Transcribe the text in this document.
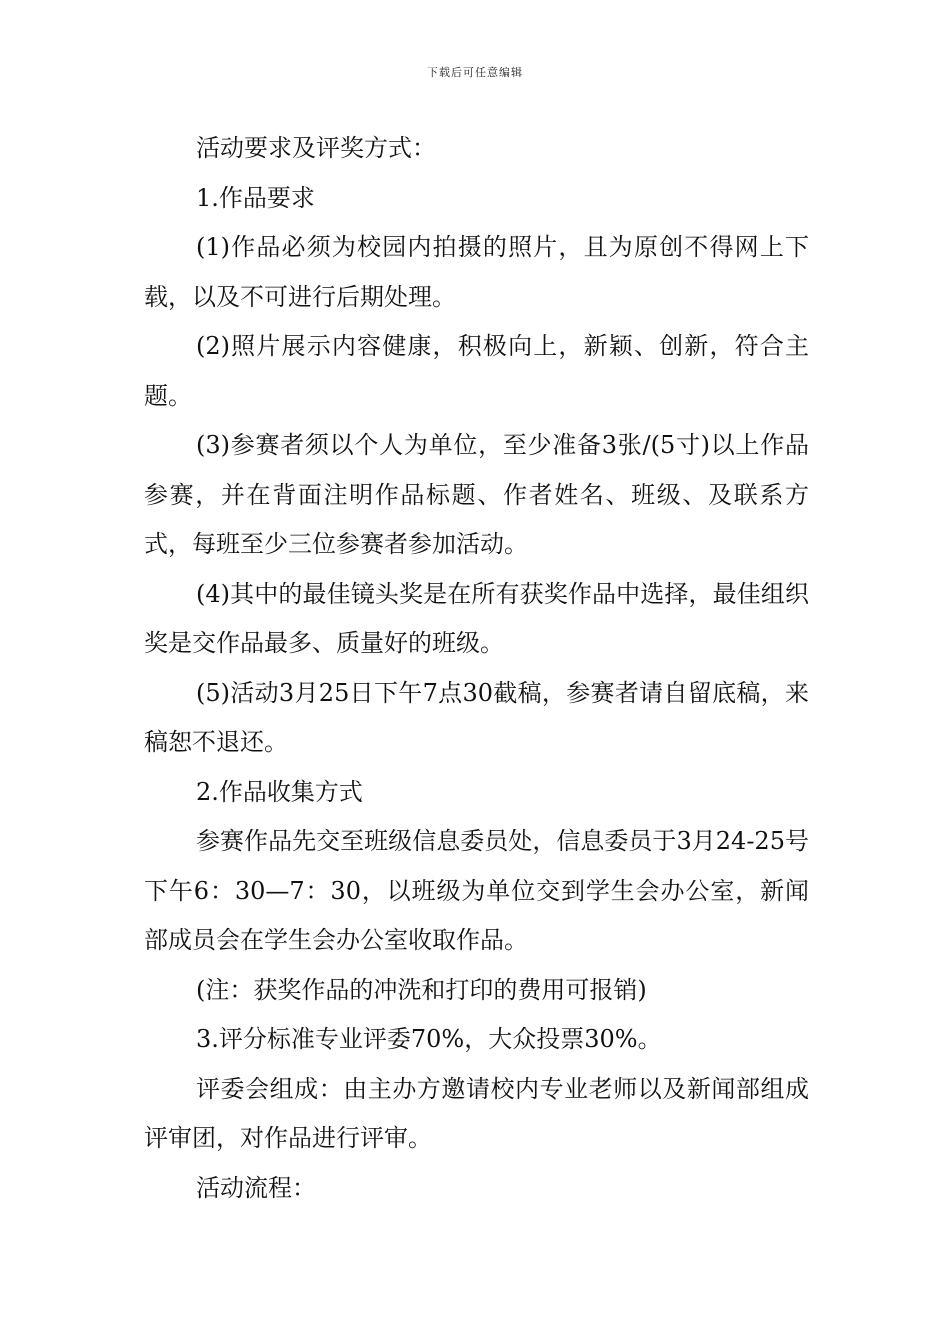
下载后可任意编辑

活动要求及评奖方式：

1.作品要求

(1)作品必须为校园内拍摄的照片，且为原创不得网上下载，以及不可进行后期处理。

(2)照片展示内容健康，积极向上，新颖、创新，符合主题。

(3)参赛者须以个人为单位，至少准备3张/(5寸)以上作品参赛，并在背面注明作品标题、作者姓名、班级、及联系方式，每班至少三位参赛者参加活动。

(4)其中的最佳镜头奖是在所有获奖作品中选择，最佳组织奖是交作品最多、质量好的班级。

(5)活动3月25日下午7点30截稿，参赛者请自留底稿，来稿恕不退还。

2.作品收集方式

参赛作品先交至班级信息委员处，信息委员于3月24-25号下午6：30—7：30，以班级为单位交到学生会办公室，新闻部成员会在学生会办公室收取作品。

(注：获奖作品的冲洗和打印的费用可报销)

3.评分标准专业评委70%，大众投票30%。

评委会组成：由主办方邀请校内专业老师以及新闻部组成评审团，对作品进行评审。

活动流程：
